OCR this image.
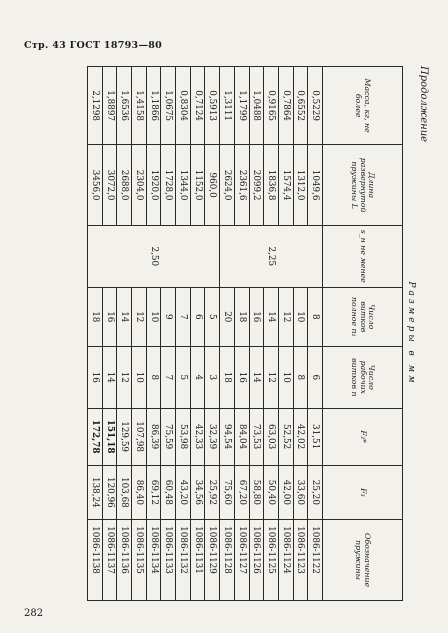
Стр. 43 ГОСТ 18793—80
Продолжение
282
Размеры в мм							
Масса, кг, не более	Длина развернутой пружины L	s_н не менее	Число витков полное n₁	Число рабочих витков n	F₃*	F₃	Обозначение пружины
0,5229	1049,6	2,25	8	6	31,51	25,20	1086-1122
0,6552	1312,0		10	8	42,02	33,60	1086-1123
0,7864	1574,4		12	10	52,52	42,00	1086-1124
0,9165	1836,8		14	12	63,03	50,40	1086-1125
1,0488	2099,2		16	14	73,53	58,80	1086-1126
1,1799	2361,6		18	16	84,04	67,20	1086-1127
1,3111	2624,0		20	18	94,54	75,60	1086-1128
0,5913	960,0	2,50	5	3	32,39	25,92	1086-1129
0,7124	1152,0		6	4	42,33	34,56	1086-1131
0,8304	1344,0		7	5	53,98	43,20	1086-1132
1,0675	1728,0		9	7	75,59	60,48	1086-1133
1,1866	1920,0		10	8	86,39	69,12	1086-1134
1,4158	2304,0		12	10	107,98	86,40	1086-1135
1,6536	2688,0		14	12	129,59	103,68	1086-1136
1,8897	3072,0		16	14	151,18	120,96	1086-1137
2,1298	3456,0		18	16	172,78	138,24	1086-1138
